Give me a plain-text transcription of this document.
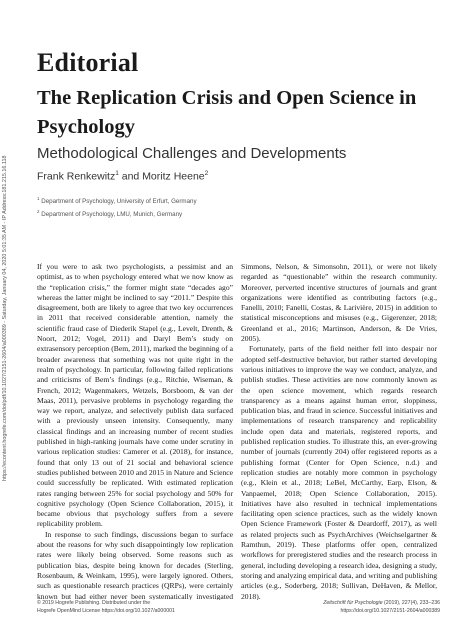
https://econtent.hogrefe.com/doi/pdf/10.1027/2151-2604/a000389 - Saturday, January 04, 2020 5:01:35 AM - IP Address:181.215.16.118
Editorial
The Replication Crisis and Open Science in Psychology
Methodological Challenges and Developments
Frank Renkewitz$^1$ and Moritz Heene$^2$
$^1$ Department of Psychology, University of Erfurt, Germany
$^2$ Department of Psychology, LMU, Munich, Germany

If you were to ask two psychologists, a pessimist and an optimist, as to when psychology entered what we now know as the “replication crisis,” the former might state “decades ago” whereas the latter might be inclined to say “2011.” Despite this disagreement, both are likely to agree that two key occurrences in 2011 that received considerable attention, namely the scientific fraud case of Diederik Stapel (e.g., Levelt, Drenth, & Noort, 2012; Vogel, 2011) and Daryl Bem’s study on extrasensory perception (Bem, 2011), marked the beginning of a broader awareness that something was not quite right in the realm of psychology. In particular, following failed replications and criticisms of Bem’s findings (e.g., Ritchie, Wiseman, & French, 2012; Wagenmakers, Wetzels, Borsboom, & van der Maas, 2011), pervasive problems in psychology regarding the way we report, analyze, and selectively publish data surfaced with a previously unseen intensity. Consequently, many classical findings and an increasing number of recent studies published in high-ranking journals have come under scrutiny in various replication studies: Camerer et al. (2018), for instance, found that only 13 out of 21 social and behavioral science studies published between 2010 and 2015 in Nature and Science could successfully be replicated. With estimated replication rates ranging between 25% for social psychology and 50% for cognitive psychology (Open Science Collaboration, 2015), it became obvious that psychology suffers from a severe replicability problem.

In response to such findings, discussions began to surface about the reasons for why such disappointingly low replication rates were likely being observed. Some reasons such as publication bias, despite being known for decades (Sterling, Rosenbaum, & Weinkam, 1995), were largely ignored. Others, such as questionable research practices (QRPs), were certainly known but had either never been systematically investigated

Simmons, Nelson, & Simonsohn, 2011), or were not likely regarded as “questionable” within the research community. Moreover, perverted incentive structures of journals and grant organizations were identified as contributing factors (e.g., Fanelli, 2010; Fanelli, Costas, & Larivière, 2015) in addition to statistical misconceptions and misuses (e.g., Gigerenzer, 2018; Greenland et al., 2016; Martinson, Anderson, & De Vries, 2005).

Fortunately, parts of the field neither fell into despair nor adopted self-destructive behavior, but rather started developing various initiatives to improve the way we conduct, analyze, and publish studies. These activities are now commonly known as the open science movement, which regards research transparency as a means against human error, sloppiness, publication bias, and fraud in science. Successful initiatives and implementations of research transparency and replicability include open data and materials, registered reports, and published replication studies. To illustrate this, an ever-growing number of journals (currently 204) offer registered reports as a publishing format (Center for Open Science, n.d.) and replication studies are notably more common in psychology (e.g., Klein et al., 2018; LeBel, McCarthy, Earp, Elson, & Vanpaemel, 2018; Open Science Collaboration, 2015). Initiatives have also resulted in technical implementations facilitating open science practices, such as the widely known Open Science Framework (Foster & Deardorff, 2017), as well as related projects such as PsychArchives (Weichselgartner & Ramthun, 2019). These platforms offer open, centralized workflows for preregistered studies and the research process in general, including developing a research idea, designing a study, storing and analyzing empirical data, and writing and publishing articles (e.g., Soderberg, 2018; Sullivan, DeHaven, & Mellor, 2018).

© 2019 Hogrefe Publishing. Distributed under the
Hogrefe OpenMind License https://doi.org/10.1027/a000001
Zeitschrift für Psychologie (2019), 227(4), 233–236
https://doi.org/10.1027/2151-2604/a000389
